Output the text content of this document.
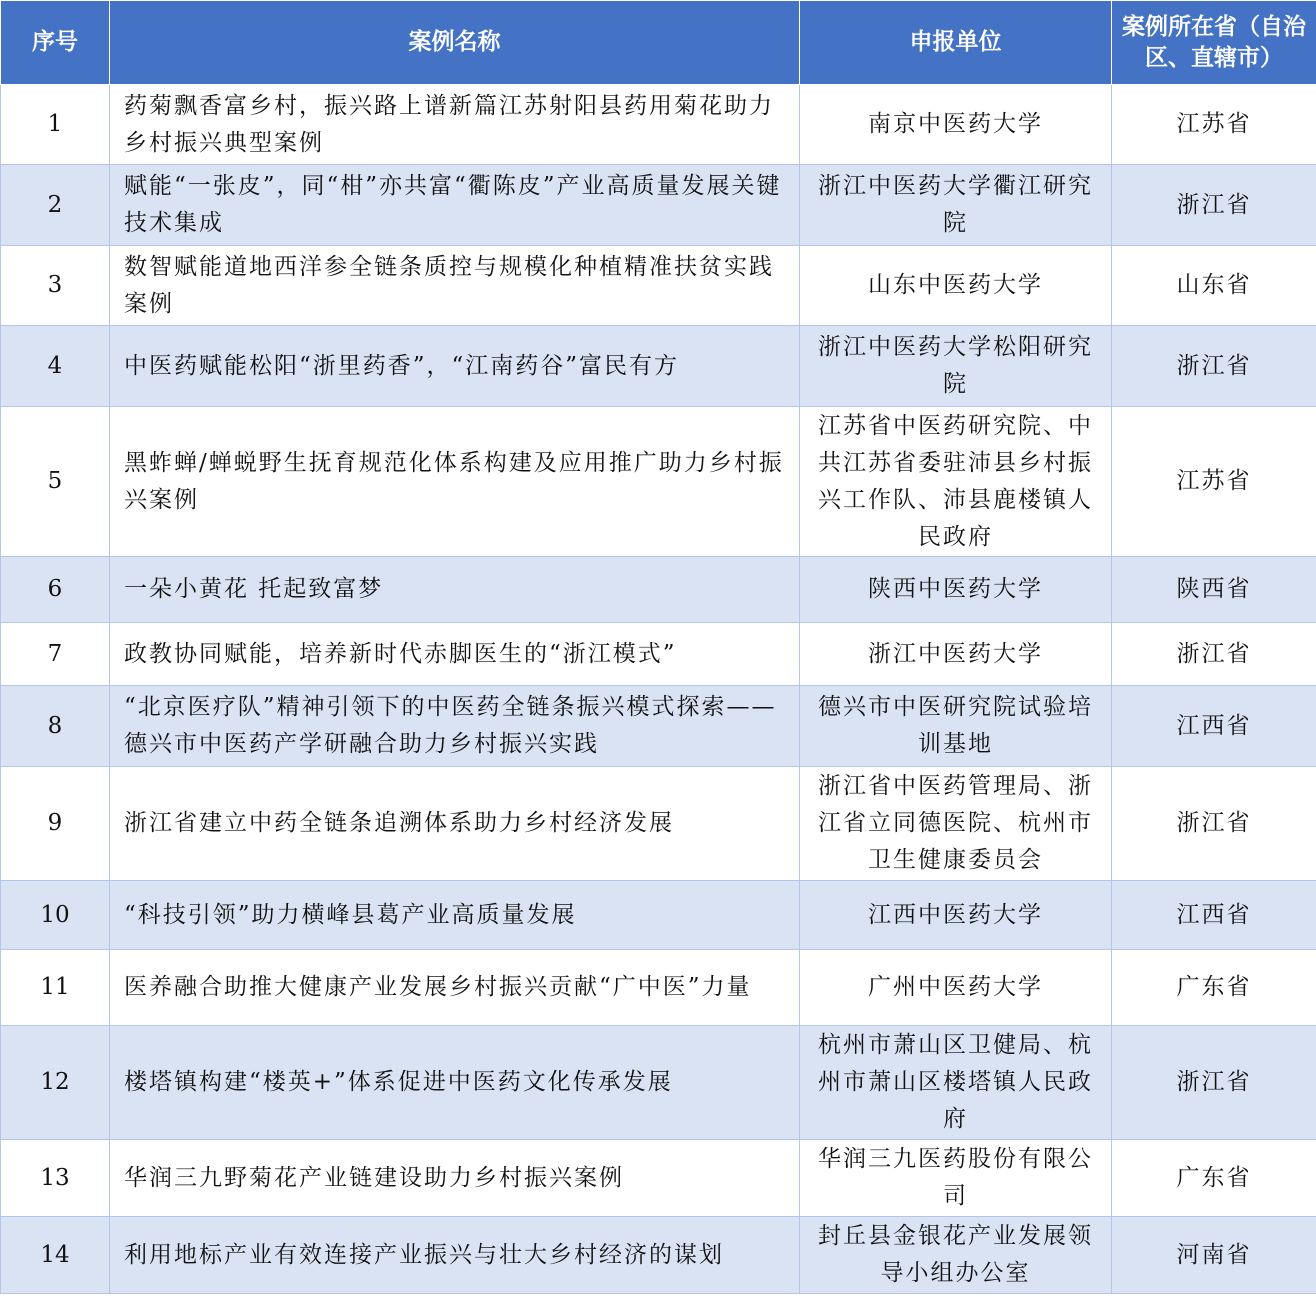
序号	案例名称	申报单位	案例所在省（自治区、直辖市）
1	药菊飘香富乡村，振兴路上谱新篇江苏射阳县药用菊花助力乡村振兴典型案例	南京中医药大学	江苏省
2	赋能“一张皮”，同“柑”亦共富“衢陈皮”产业高质量发展关键技术集成	浙江中医药大学衢江研究院	浙江省
3	数智赋能道地西洋参全链条质控与规模化种植精准扶贫实践案例	山东中医药大学	山东省
4	中医药赋能松阳“浙里药香”，“江南药谷”富民有方	浙江中医药大学松阳研究院	浙江省
5	黑蚱蝉/蝉蜕野生抚育规范化体系构建及应用推广助力乡村振兴案例	江苏省中医药研究院、中共江苏省委驻沛县乡村振兴工作队、沛县鹿楼镇人民政府	江苏省
6	一朵小黄花 托起致富梦	陕西中医药大学	陕西省
7	政教协同赋能，培养新时代赤脚医生的“浙江模式”	浙江中医药大学	浙江省
8	“北京医疗队”精神引领下的中医药全链条振兴模式探索——德兴市中医药产学研融合助力乡村振兴实践	德兴市中医研究院试验培训基地	江西省
9	浙江省建立中药全链条追溯体系助力乡村经济发展	浙江省中医药管理局、浙江省立同德医院、杭州市卫生健康委员会	浙江省
10	“科技引领”助力横峰县葛产业高质量发展	江西中医药大学	江西省
11	医养融合助推大健康产业发展乡村振兴贡献“广中医”力量	广州中医药大学	广东省
12	楼塔镇构建“楼英+”体系促进中医药文化传承发展	杭州市萧山区卫健局、杭州市萧山区楼塔镇人民政府	浙江省
13	华润三九野菊花产业链建设助力乡村振兴案例	华润三九医药股份有限公司	广东省
14	利用地标产业有效连接产业振兴与壮大乡村经济的谋划	封丘县金银花产业发展领导小组办公室	河南省
